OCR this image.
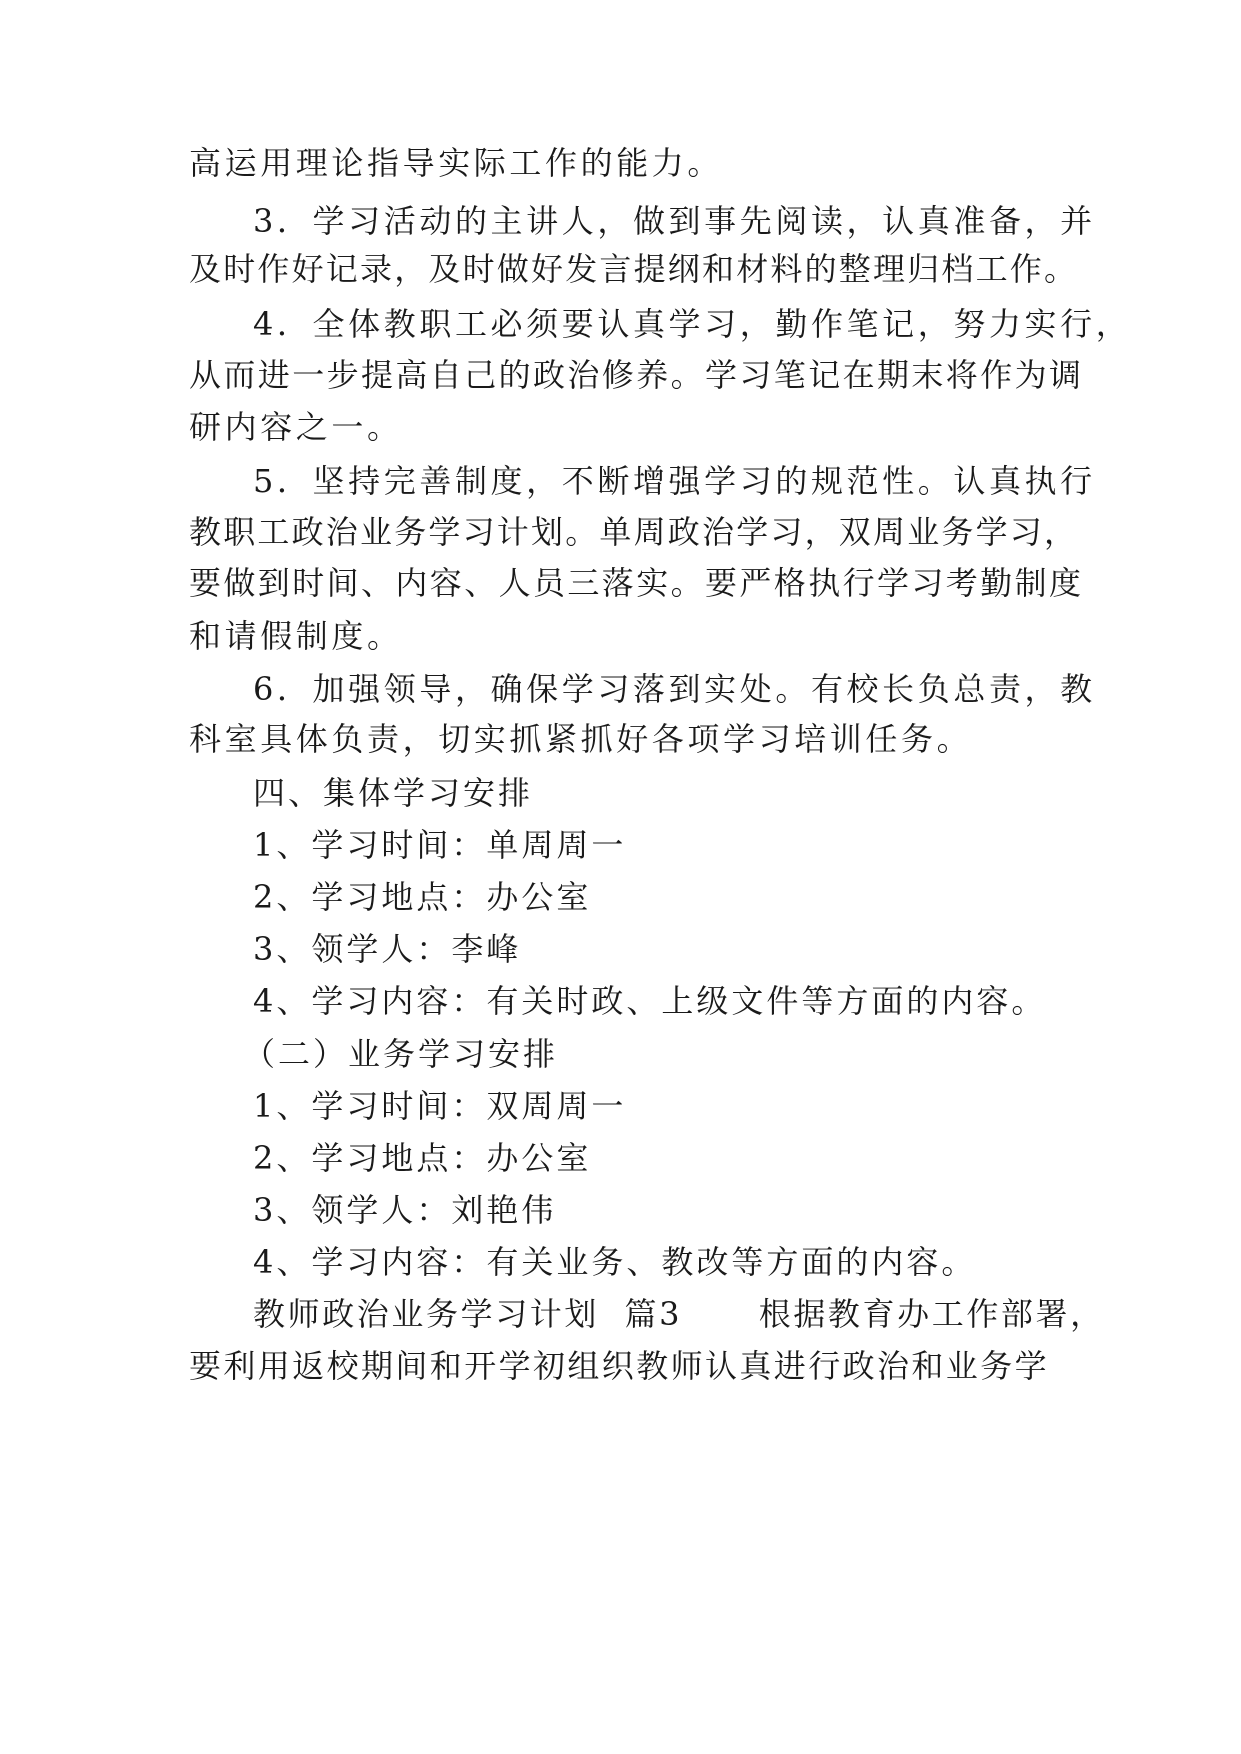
高运用理论指导实际工作的能力。
3．学习活动的主讲人，做到事先阅读，认真准备，并
及时作好记录，及时做好发言提纲和材料的整理归档工作。
4．全体教职工必须要认真学习，勤作笔记，努力实行，
从而进一步提高自己的政治修养。学习笔记在期末将作为调
研内容之一。
5．坚持完善制度，不断增强学习的规范性。认真执行
教职工政治业务学习计划。单周政治学习，双周业务学习，
要做到时间、内容、人员三落实。要严格执行学习考勤制度
和请假制度。
6．加强领导，确保学习落到实处。有校长负总责，教
科室具体负责，切实抓紧抓好各项学习培训任务。
四、集体学习安排
1、学习时间：单周周一
2、学习地点：办公室
3、领学人：李峰
4、学习内容：有关时政、上级文件等方面的内容。
（二）业务学习安排
1、学习时间：双周周一
2、学习地点：办公室
3、领学人：刘艳伟
4、学习内容：有关业务、教改等方面的内容。
教师政治业务学习计划  篇3      根据教育办工作部署，
要利用返校期间和开学初组织教师认真进行政治和业务学
